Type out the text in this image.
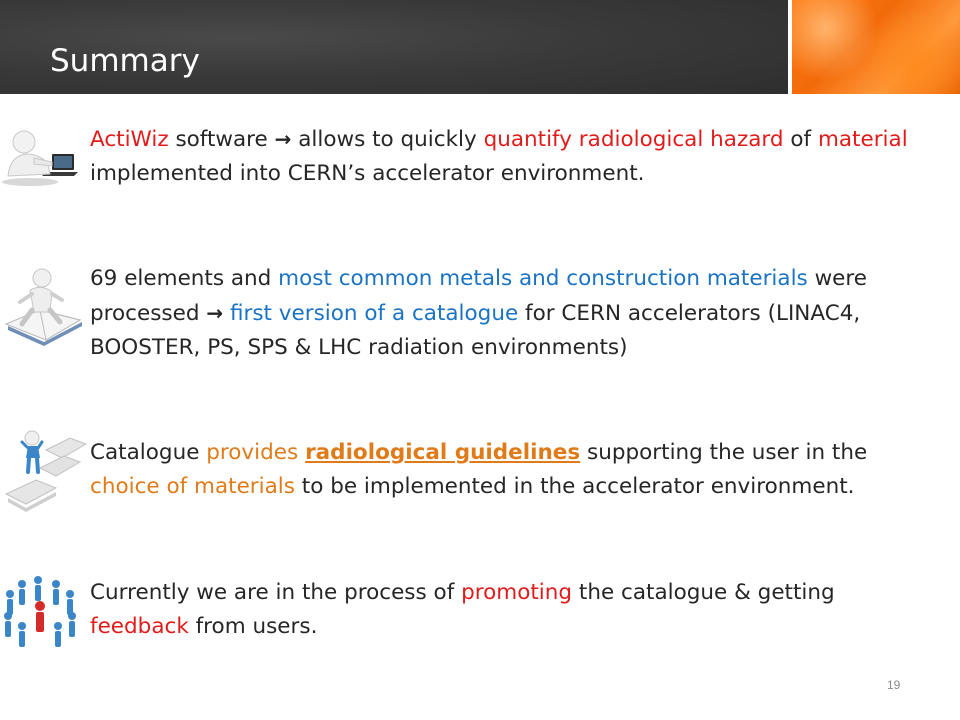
Summary

ActiWiz software → allows to quickly quantify radiological hazard of material implemented into CERN’s accelerator environment.

69 elements and most common metals and construction materials were processed → first version of a catalogue for CERN accelerators (LINAC4, BOOSTER, PS, SPS & LHC radiation environments)

Catalogue provides radiological guidelines supporting the user in the choice of materials to be implemented in the accelerator environment.

Currently we are in the process of promoting the catalogue & getting feedback from users.

19
